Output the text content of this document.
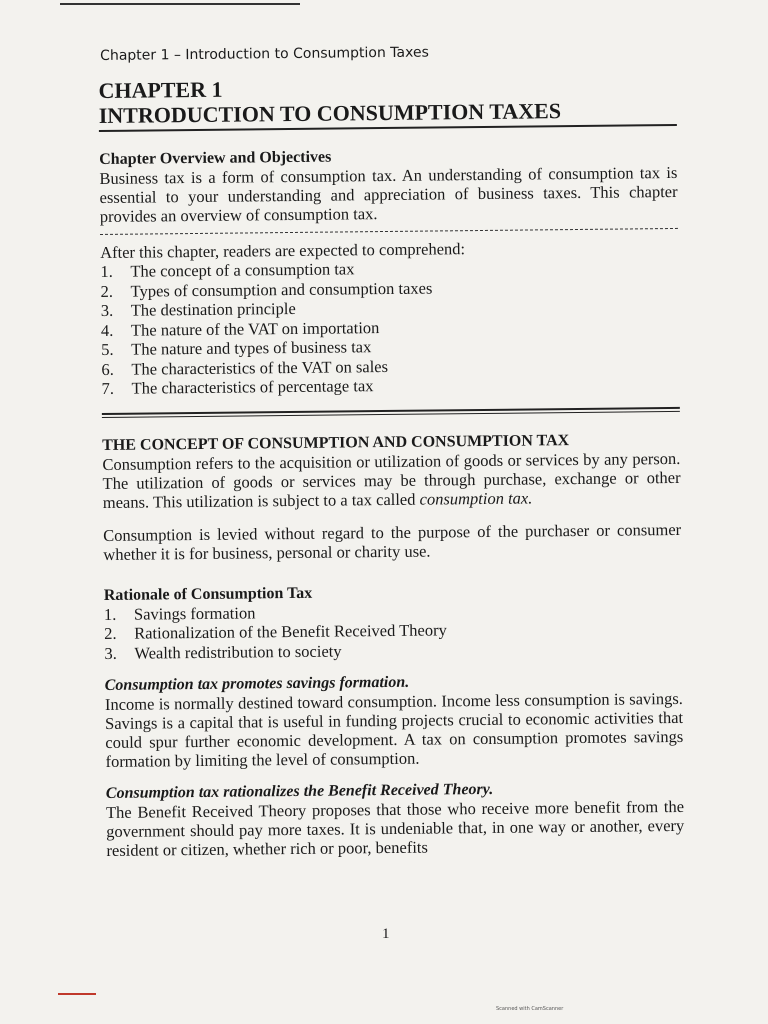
Chapter 1 – Introduction to Consumption Taxes
CHAPTER 1
INTRODUCTION TO CONSUMPTION TAXES
Chapter Overview and Objectives

Business tax is a form of consumption tax. An understanding of consumption tax is essential to your understanding and appreciation of business taxes. This chapter provides an overview of consumption tax.

After this chapter, readers are expected to comprehend:

1.	The concept of a consumption tax
2.	Types of consumption and consumption taxes
3.	The destination principle
4.	The nature of the VAT on importation
5.	The nature and types of business tax
6.	The characteristics of the VAT on sales
7.	The characteristics of percentage tax
THE CONCEPT OF CONSUMPTION AND CONSUMPTION TAX

Consumption refers to the acquisition or utilization of goods or services by any person. The utilization of goods or services may be through purchase, exchange or other means. This utilization is subject to a tax called consumption tax.

Consumption is levied without regard to the purpose of the purchaser or consumer whether it is for business, personal or charity use.

Rationale of Consumption Tax
1.	Savings formation
2.	Rationalization of the Benefit Received Theory
3.	Wealth redistribution to society
Consumption tax promotes savings formation.

Income is normally destined toward consumption. Income less consumption is savings. Savings is a capital that is useful in funding projects crucial to economic activities that could spur further economic development. A tax on consumption promotes savings formation by limiting the level of consumption.

Consumption tax rationalizes the Benefit Received Theory.

The Benefit Received Theory proposes that those who receive more benefit from the government should pay more taxes. It is undeniable that, in one way or another, every resident or citizen, whether rich or poor, benefits

1
Scanned with CamScanner
